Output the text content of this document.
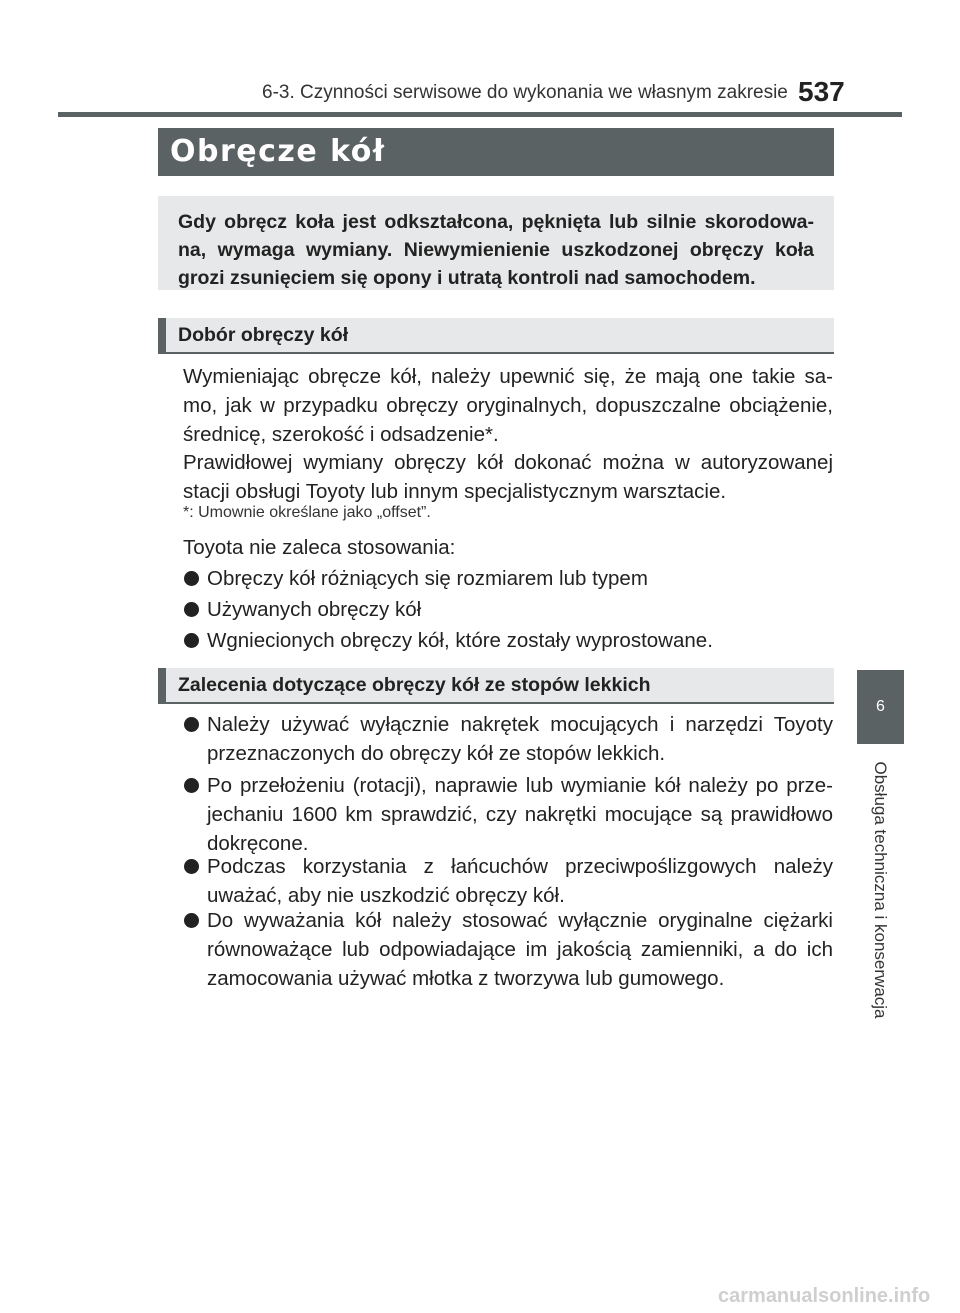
6-3. Czynności serwisowe do wykonania we własnym zakresie 537
Obręcze kół
Gdy obręcz koła jest odkształcona, pęknięta lub silnie skorodowa-na, wymaga wymiany. Niewymienienie uszkodzonej obręczy koła grozi zsunięciem się opony i utratą kontroli nad samochodem.
Dobór obręczy kół

Wymieniając obręcze kół, należy upewnić się, że mają one takie sa-mo, jak w przypadku obręczy oryginalnych, dopuszczalne obciążenie, średnicę, szerokość i odsadzenie*.

Prawidłowej wymiany obręczy kół dokonać można w autoryzowanej stacji obsługi Toyoty lub innym specjalistycznym warsztacie.

*: Umownie określane jako „offset”.

Toyota nie zaleca stosowania:

Obręczy kół różniących się rozmiarem lub typem
Używanych obręczy kół
Wgniecionych obręczy kół, które zostały wyprostowane.
Zalecenia dotyczące obręczy kół ze stopów lekkich
Należy używać wyłącznie nakrętek mocujących i narzędzi Toyoty przeznaczonych do obręczy kół ze stopów lekkich.
Po przełożeniu (rotacji), naprawie lub wymianie kół należy po prze-jechaniu 1600 km sprawdzić, czy nakrętki mocujące są prawidłowo dokręcone.
Podczas korzystania z łańcuchów przeciwpoślizgowych należy uważać, aby nie uszkodzić obręczy kół.
Do wyważania kół należy stosować wyłącznie oryginalne ciężarki równoważące lub odpowiadające im jakością zamienniki, a do ich zamocowania używać młotka z tworzywa lub gumowego.
6
Obsługa techniczna i konserwacja
carmanualsonline.info
